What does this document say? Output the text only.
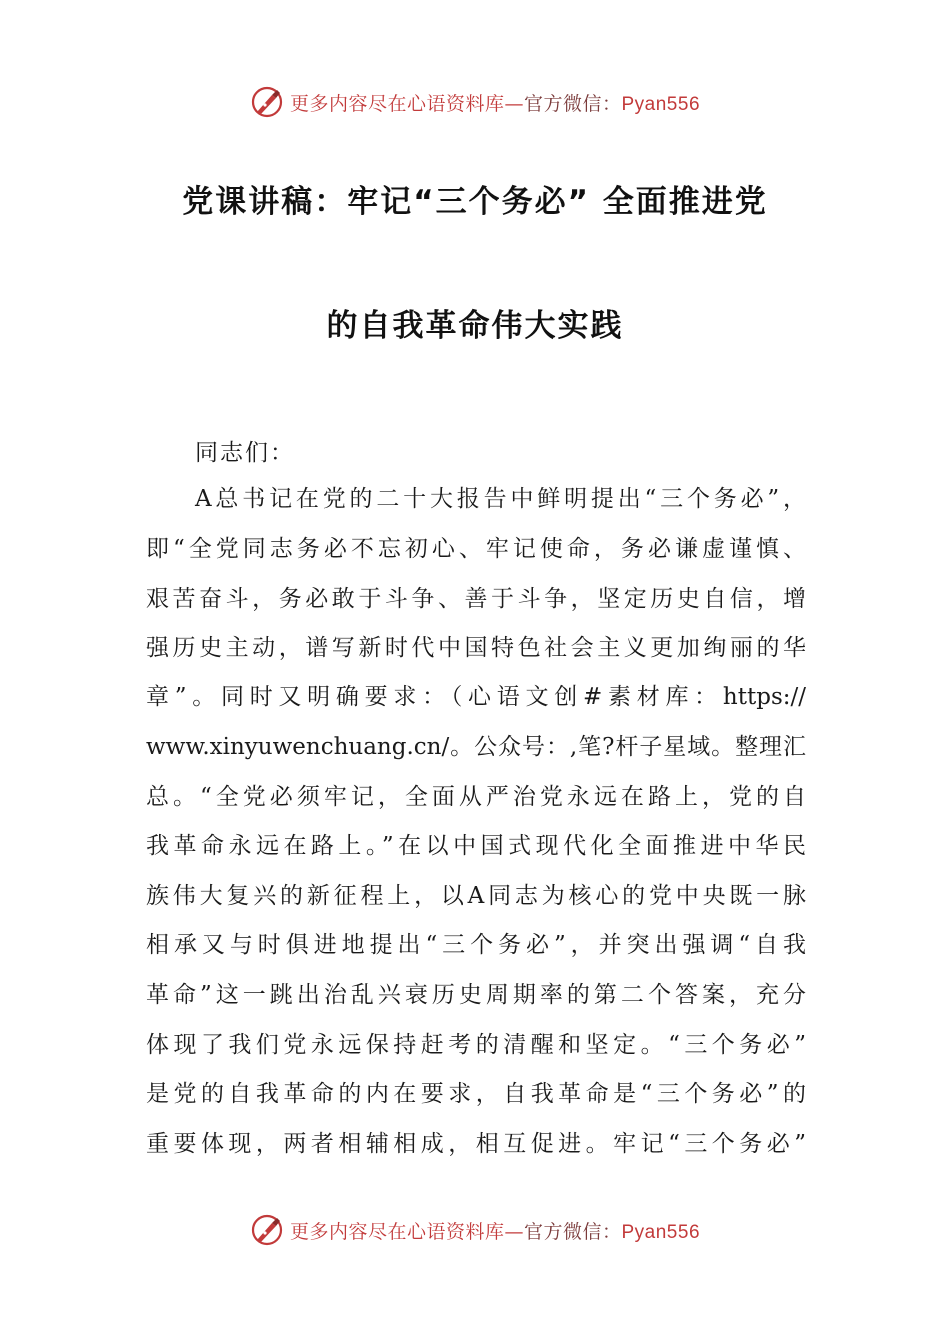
更多内容尽在心语资料库—官方微信：Pyan556
党课讲稿：牢记“三个务必” 全面推进党
的自我革命伟大实践
同志们：
A总书记在党的二十大报告中鲜明提出“三个务必”，
即“全党同志务必不忘初心、牢记使命，务必谦虚谨慎、
艰苦奋斗，务必敢于斗争、善于斗争，坚定历史自信，增
强历史主动，谱写新时代中国特色社会主义更加绚丽的华
章”。同时又明确要求：（心语文创#素材库：https://
www.xinyuwenchuang.cn/。公众号：,笔?杆子星域。整理汇
总。“全党必须牢记，全面从严治党永远在路上，党的自
我革命永远在路上。”在以中国式现代化全面推进中华民
族伟大复兴的新征程上，以A同志为核心的党中央既一脉
相承又与时俱进地提出“三个务必”，并突出强调“自我
革命”这一跳出治乱兴衰历史周期率的第二个答案，充分
体现了我们党永远保持赶考的清醒和坚定。“三个务必”
是党的自我革命的内在要求，自我革命是“三个务必”的
重要体现，两者相辅相成，相互促进。牢记“三个务必”
更多内容尽在心语资料库—官方微信：Pyan556
